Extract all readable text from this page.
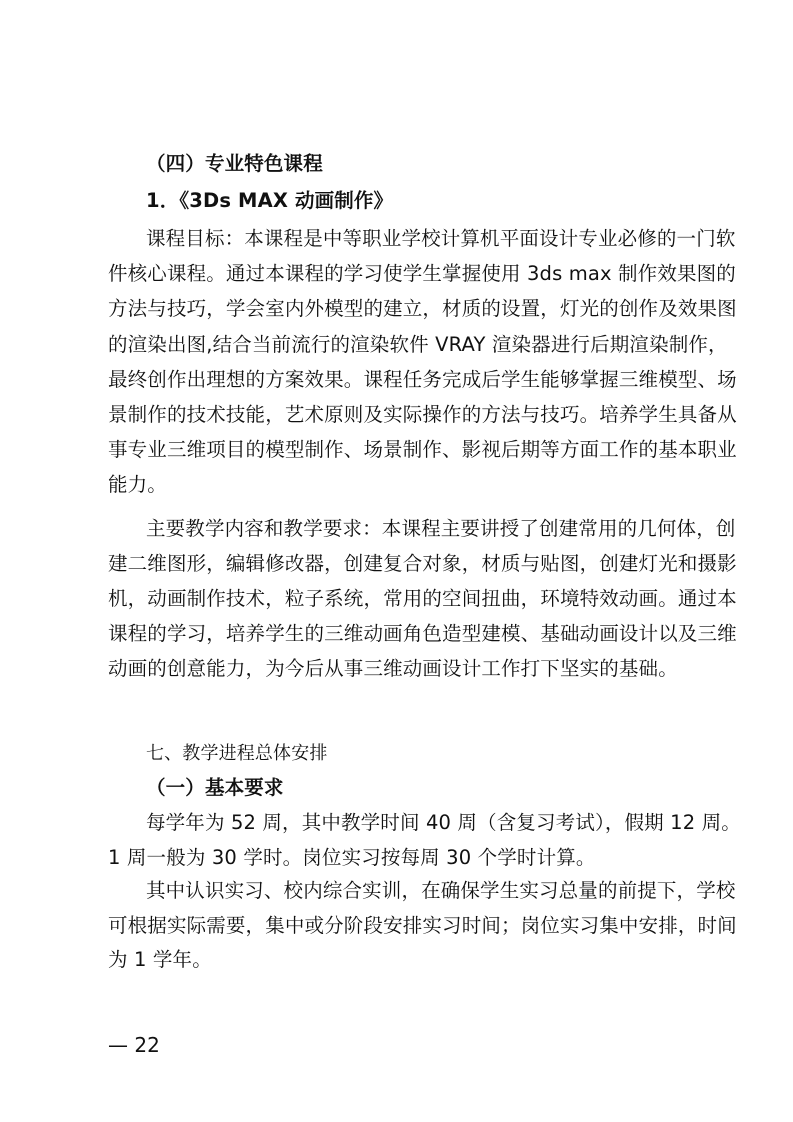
（四）专业特色课程
1．《3Ds MAX 动画制作》
课程目标：本课程是中等职业学校计算机平面设计专业必修的一门软
件核心课程。通过本课程的学习使学生掌握使用 3ds max 制作效果图的
方法与技巧，学会室内外模型的建立，材质的设置，灯光的创作及效果图
的渲染出图,结合当前流行的渲染软件 VRAY 渲染器进行后期渲染制作，
最终创作出理想的方案效果。课程任务完成后学生能够掌握三维模型、场
景制作的技术技能，艺术原则及实际操作的方法与技巧。培养学生具备从
事专业三维项目的模型制作、场景制作、影视后期等方面工作的基本职业
能力。
主要教学内容和教学要求：本课程主要讲授了创建常用的几何体，创
建二维图形，编辑修改器，创建复合对象，材质与贴图，创建灯光和摄影
机，动画制作技术，粒子系统，常用的空间扭曲，环境特效动画。通过本
课程的学习，培养学生的三维动画角色造型建模、基础动画设计以及三维
动画的创意能力，为今后从事三维动画设计工作打下坚实的基础。
七、教学进程总体安排
（一）基本要求
每学年为 52 周，其中教学时间 40 周（含复习考试），假期 12 周。
1 周一般为 30 学时。岗位实习按每周 30 个学时计算。
其中认识实习、校内综合实训，在确保学生实习总量的前提下，学校
可根据实际需要，集中或分阶段安排实习时间；岗位实习集中安排，时间
为 1 学年。
— 22
